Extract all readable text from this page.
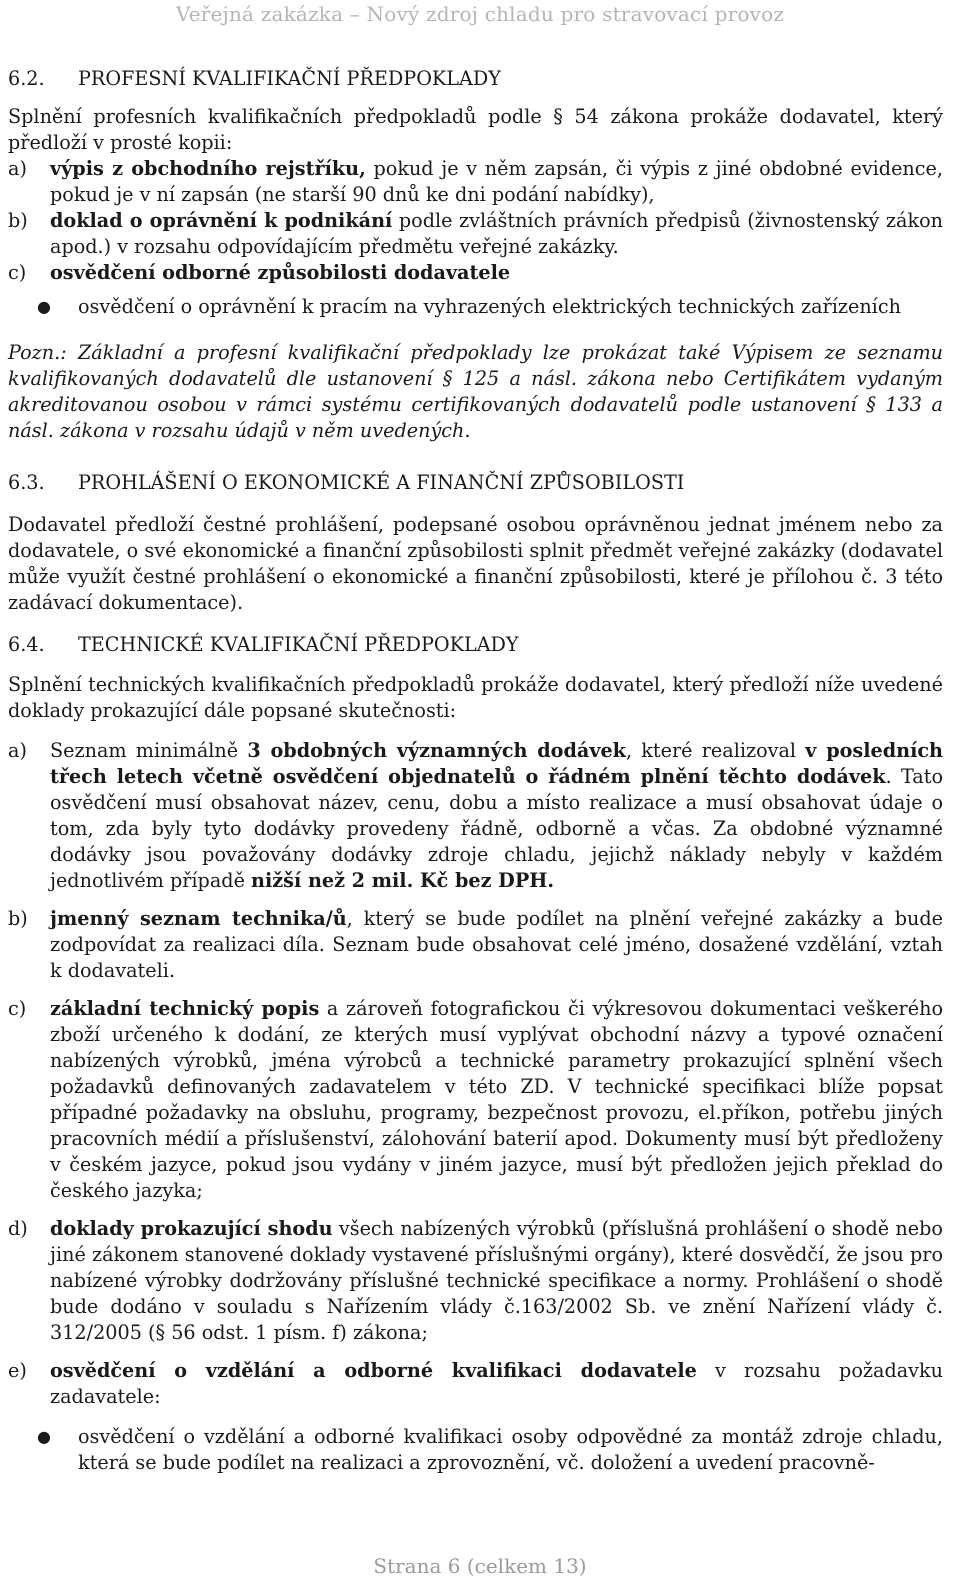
Veřejná zakázka – Nový zdroj chladu pro stravovací provoz
6.2. PROFESNÍ KVALIFIKAČNÍ PŘEDPOKLADY

Splnění profesních kvalifikačních předpokladů podle § 54 zákona prokáže dodavatel, který předloží v prosté kopii:

a) výpis z obchodního rejstříku, pokud je v něm zapsán, či výpis z jiné obdobné evidence, pokud je v ní zapsán (ne starší 90 dnů ke dni podání nabídky),
b) doklad o oprávnění k podnikání podle zvláštních právních předpisů (živnostenský zákon apod.) v rozsahu odpovídajícím předmětu veřejné zakázky.
c) osvědčení odborné způsobilosti dodavatele
● osvědčení o oprávnění k pracím na vyhrazených elektrických technických zařízeních

Pozn.: Základní a profesní kvalifikační předpoklady lze prokázat také Výpisem ze seznamu kvalifikovaných dodavatelů dle ustanovení § 125 a násl. zákona nebo Certifikátem vydaným akreditovanou osobou v rámci systému certifikovaných dodavatelů podle ustanovení § 133 a násl. zákona v rozsahu údajů v něm uvedených.

6.3. PROHLÁŠENÍ O EKONOMICKÉ A FINANČNÍ ZPŮSOBILOSTI

Dodavatel předloží čestné prohlášení, podepsané osobou oprávněnou jednat jménem nebo za dodavatele, o své ekonomické a finanční způsobilosti splnit předmět veřejné zakázky (dodavatel může využít čestné prohlášení o ekonomické a finanční způsobilosti, které je přílohou č. 3 této zadávací dokumentace).

6.4. TECHNICKÉ KVALIFIKAČNÍ PŘEDPOKLADY

Splnění technických kvalifikačních předpokladů prokáže dodavatel, který předloží níže uvedené doklady prokazující dále popsané skutečnosti:

a) Seznam minimálně 3 obdobných významných dodávek, které realizoval v posledních třech letech včetně osvědčení objednatelů o řádném plnění těchto dodávek. Tato osvědčení musí obsahovat název, cenu, dobu a místo realizace a musí obsahovat údaje o tom, zda byly tyto dodávky provedeny řádně, odborně a včas. Za obdobné významné dodávky jsou považovány dodávky zdroje chladu, jejichž náklady nebyly v každém jednotlivém případě nižší než 2 mil. Kč bez DPH.
b) jmenný seznam technika/ů, který se bude podílet na plnění veřejné zakázky a bude zodpovídat za realizaci díla. Seznam bude obsahovat celé jméno, dosažené vzdělání, vztah k dodavateli.
c) základní technický popis a zároveň fotografickou či výkresovou dokumentaci veškerého zboží určeného k dodání, ze kterých musí vyplývat obchodní názvy a typové označení nabízených výrobků, jména výrobců a technické parametry prokazující splnění všech požadavků definovaných zadavatelem v této ZD. V technické specifikaci blíže popsat případné požadavky na obsluhu, programy, bezpečnost provozu, el.příkon, potřebu jiných pracovních médií a příslušenství, zálohování baterií apod. Dokumenty musí být předloženy v českém jazyce, pokud jsou vydány v jiném jazyce, musí být předložen jejich překlad do českého jazyka;
d) doklady prokazující shodu všech nabízených výrobků (příslušná prohlášení o shodě nebo jiné zákonem stanovené doklady vystavené příslušnými orgány), které dosvědčí, že jsou pro nabízené výrobky dodržovány příslušné technické specifikace a normy. Prohlášení o shodě bude dodáno v souladu s Nařízením vlády č.163/2002 Sb. ve znění Nařízení vlády č. 312/2005 (§ 56 odst. 1 písm. f) zákona;
e) osvědčení o vzdělání a odborné kvalifikaci dodavatele v rozsahu požadavku zadavatele:
● osvědčení o vzdělání a odborné kvalifikaci osoby odpovědné za montáž zdroje chladu, která se bude podílet na realizaci a zprovoznění, vč. doložení a uvedení pracovně-
Strana 6 (celkem 13)
